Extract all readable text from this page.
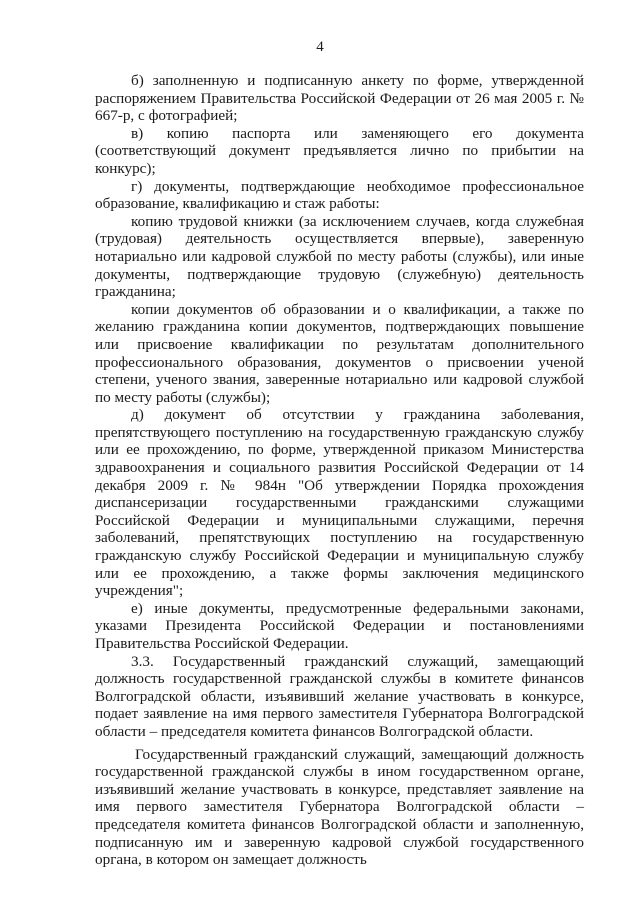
4

б) заполненную и подписанную анкету по форме, утвержденной распоряжением Правительства Российской Федерации от 26 мая 2005 г. № 667-р, с фотографией;

в) копию паспорта или заменяющего его документа (соответствующий документ предъявляется лично по прибытии на конкурс);

г) документы, подтверждающие необходимое профессиональное образование, квалификацию и стаж работы:

копию трудовой книжки (за исключением случаев, когда служебная (трудовая) деятельность осуществляется впервые), заверенную нотариально или кадровой службой по месту работы (службы), или иные документы, подтверждающие трудовую (служебную) деятельность гражданина;

копии документов об образовании и о квалификации, а также по желанию гражданина копии документов, подтверждающих повышение или присвоение квалификации по результатам дополнительного профессионального образования, документов о присвоении ученой степени, ученого звания, заверенные нотариально или кадровой службой по месту работы (службы);

д) документ об отсутствии у гражданина заболевания, препятствующего поступлению на государственную гражданскую службу или ее прохождению, по форме, утвержденной приказом Министерства здравоохранения и социального развития Российской Федерации от 14 декабря 2009 г. № 984н "Об утверждении Порядка прохождения диспансеризации государственными гражданскими служащими Российской Федерации и муниципальными служащими, перечня заболеваний, препятствующих поступлению на государственную гражданскую службу Российской Федерации и муниципальную службу или ее прохождению, а также формы заключения медицинского учреждения";

е) иные документы, предусмотренные федеральными законами, указами Президента Российской Федерации и постановлениями Правительства Российской Федерации.

3.3. Государственный гражданский служащий, замещающий должность государственной гражданской службы в комитете финансов Волгоградской области, изъявивший желание участвовать в конкурсе, подает заявление на имя первого заместителя Губернатора Волгоградской области – председателя комитета финансов Волгоградской области.

Государственный гражданский служащий, замещающий должность государственной гражданской службы в ином государственном органе, изъявивший желание участвовать в конкурсе, представляет заявление на имя первого заместителя Губернатора Волгоградской области – председателя комитета финансов Волгоградской области и заполненную, подписанную им и заверенную кадровой службой государственного органа, в котором он замещает должность
